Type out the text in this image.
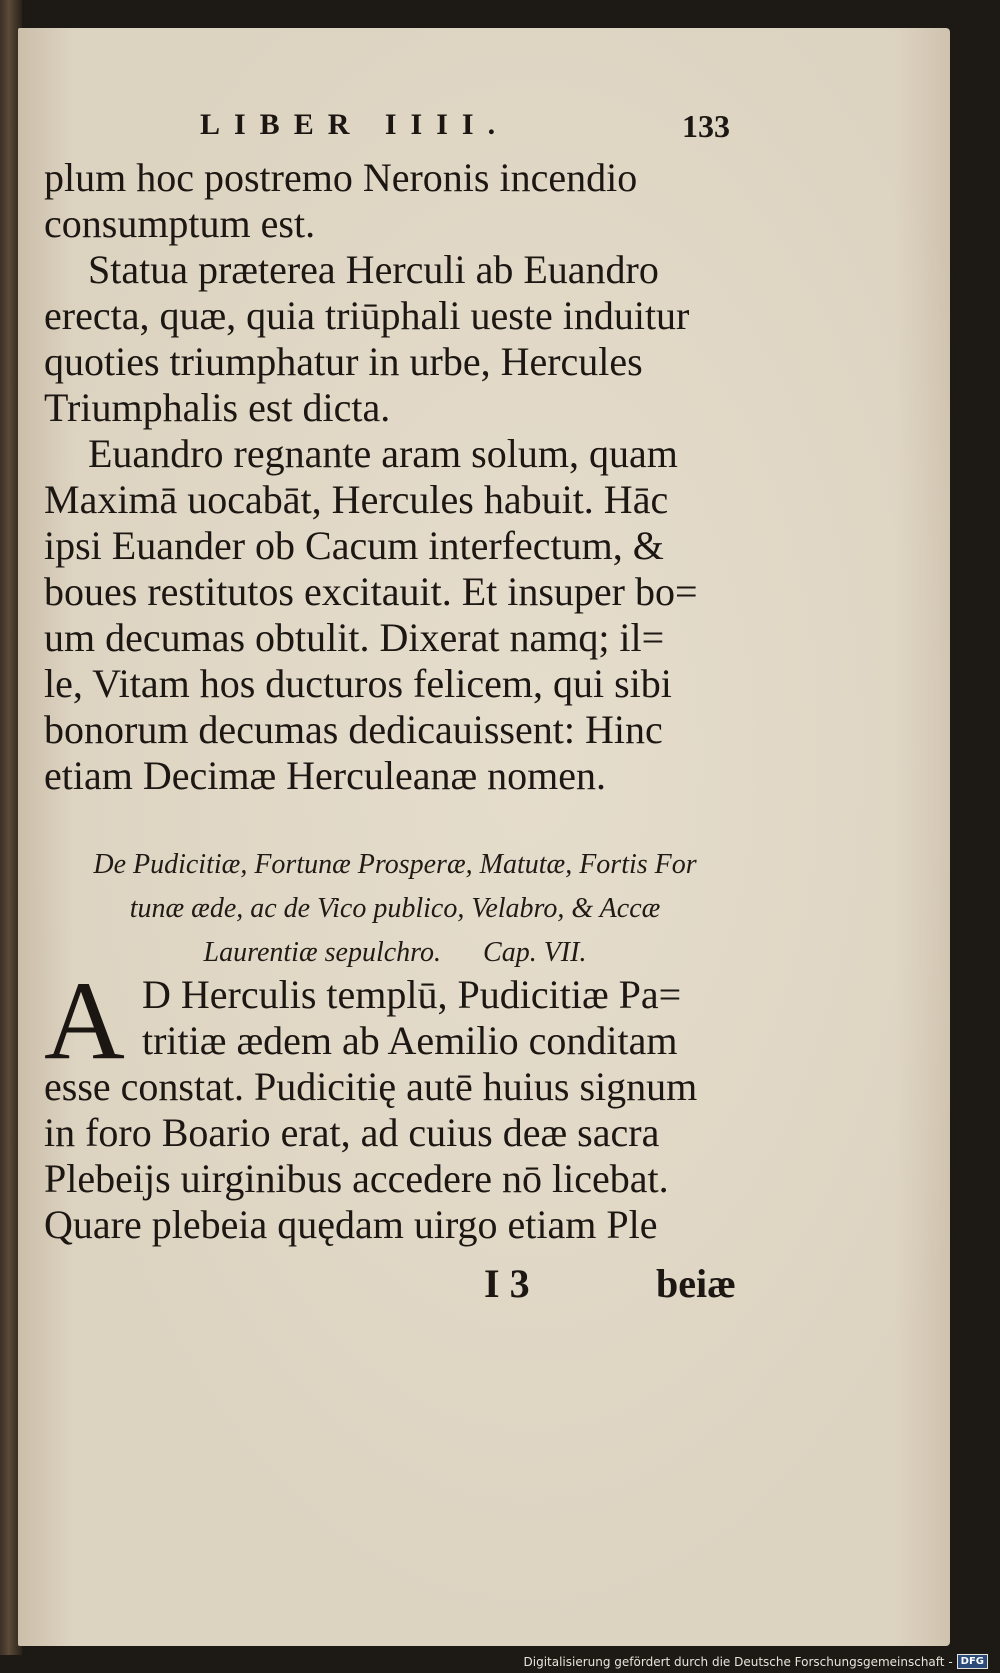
LIBER IIII.	133
plum hoc postremo Neronis incendio
consumptum est.
Statua præterea Herculi ab Euandro
erecta, quæ, quia triūphali ueste induitur
quoties triumphatur in urbe, Hercules
Triumphalis est dicta.
Euandro regnante aram solum, quam
Maximā uocabāt, Hercules habuit. Hāc
ipsi Euander ob Cacum interfectum, &
boues restitutos excitauit. Et insuper bo=
um decumas obtulit. Dixerat namq; il=
le, Vitam hos ducturos felicem, qui sibi
bonorum decumas dedicauissent: Hinc
etiam Decimæ Herculeanæ nomen.
De Pudicitiæ, Fortunæ Prosperæ, Matutæ, Fortis For
tunæ æde, ac de Vico publico, Velabro, & Accæ
Laurentiæ sepulchro.      Cap. VII.
A D Herculis templū, Pudicitiæ Pa=
tritiæ ædem ab Aemilio conditam
esse constat. Pudicitię autē huius signum
in foro Boario erat, ad cuius deæ sacra
Plebeijs uirginibus accedere nō licebat.
Quare plebeia quędam uirgo etiam Ple
I 3	beiæ
Digitalisierung gefördert durch die Deutsche Forschungsgemeinschaft - DFG
